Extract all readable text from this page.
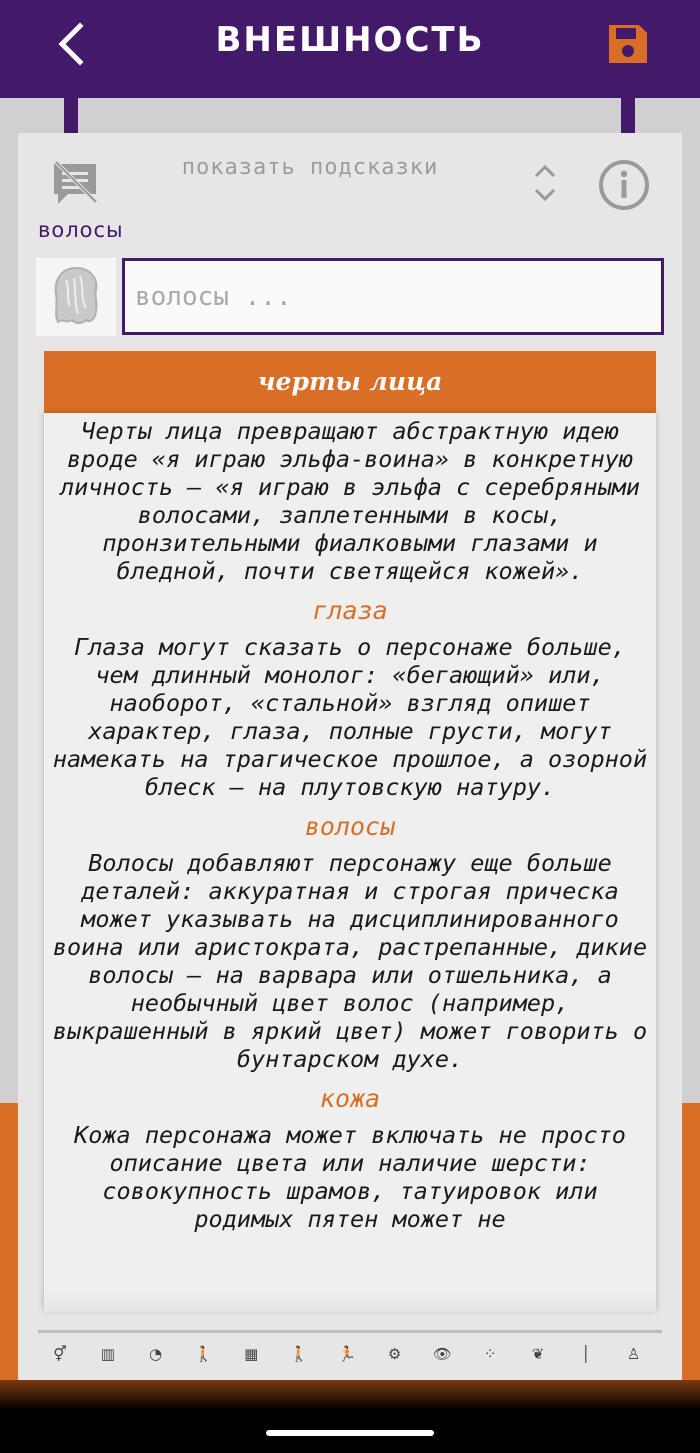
ВНЕШНОСТЬ
волосы
показать подсказки
волосы ...
черты лица

Черты лица превращают абстрактную идею вроде «я играю эльфа-воина» в конкретную личность – «я играю в эльфа с серебряными волосами, заплетенными в косы, пронзительными фиалковыми глазами и бледной, почти светящейся кожей».

глаза

Глаза могут сказать о персонаже больше, чем длинный монолог: «бегающий» или, наоборот, «стальной» взгляд опишет характер, глаза, полные грусти, могут намекать на трагическое прошлое, а озорной блеск – на плутовскую натуру.

волосы

Волосы добавляют персонажу еще больше деталей: аккуратная и строгая прическа может указывать на дисциплинированного воина или аристократа, растрепанные, дикие волосы – на варвара или отшельника, а необычный цвет волос (например, выкрашенный в яркий цвет) может говорить о бунтарском духе.

кожа

Кожа персонажа может включать не просто описание цвета или наличие шерсти: совокупность шрамов, татуировок или родимых пятен может не

⚥	▥	◔	🚶	▦	🚶 🏃	⚙	👁	⁘	❦	│	♙
